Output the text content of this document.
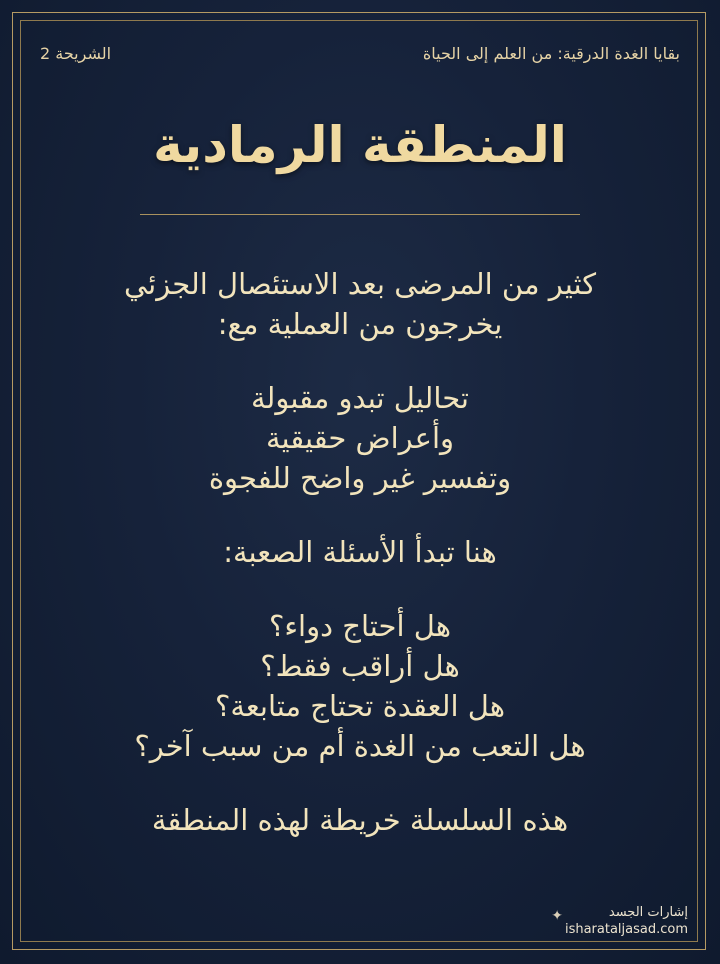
بقايا الغدة الدرقية: من العلم إلى الحياة
الشريحة 2
المنطقة الرمادية

كثير من المرضى بعد الاستئصال الجزئي

يخرجون من العملية مع:

تحاليل تبدو مقبولة

وأعراض حقيقية

وتفسير غير واضح للفجوة

هنا تبدأ الأسئلة الصعبة:

هل أحتاج دواء؟

هل أراقب فقط؟

هل العقدة تحتاج متابعة؟

هل التعب من الغدة أم من سبب آخر؟

هذه السلسلة خريطة لهذه المنطقة

✦	إشارات الجسد
isharataljasad.com
